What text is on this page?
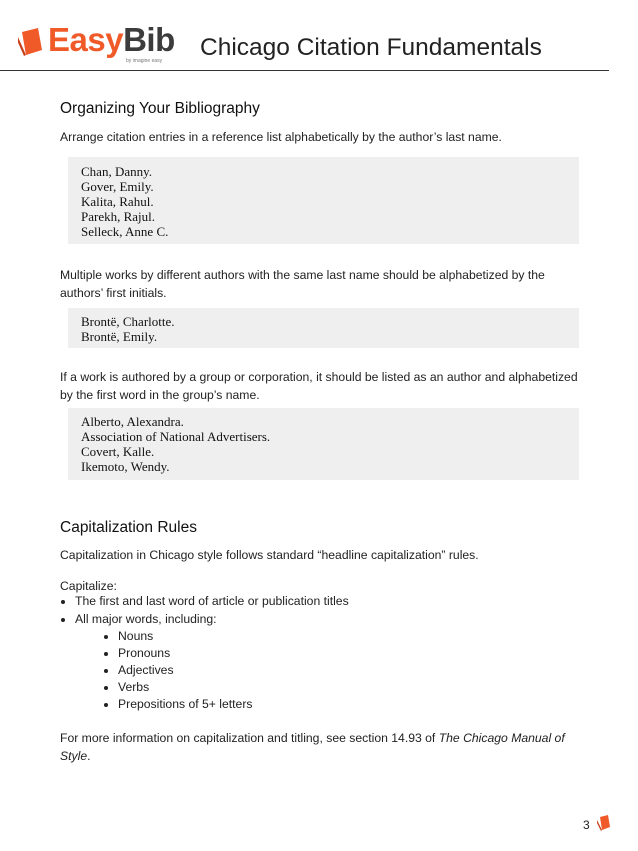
EasyBib
by imagine easy Chicago Citation Fundamentals
Organizing Your Bibliography
Arrange citation entries in a reference list alphabetically by the author’s last name.
Chan, Danny.
Gover, Emily.
Kalita, Rahul.
Parekh, Rajul.
Selleck, Anne C.
Multiple works by different authors with the same last name should be alphabetized by the authors’ first initials.
Brontë, Charlotte.
Brontë, Emily.
If a work is authored by a group or corporation, it should be listed as an author and alphabetized by the first word in the group’s name.
Alberto, Alexandra.
Association of National Advertisers.
Covert, Kalle.
Ikemoto, Wendy.
Capitalization Rules
Capitalization in Chicago style follows standard “headline capitalization” rules.
Capitalize:
The first and last word of article or publication titles
All major words, including:
Nouns
Pronouns
Adjectives
Verbs
Prepositions of 5+ letters
For more information on capitalization and titling, see section 14.93 of The Chicago Manual of Style.
3
